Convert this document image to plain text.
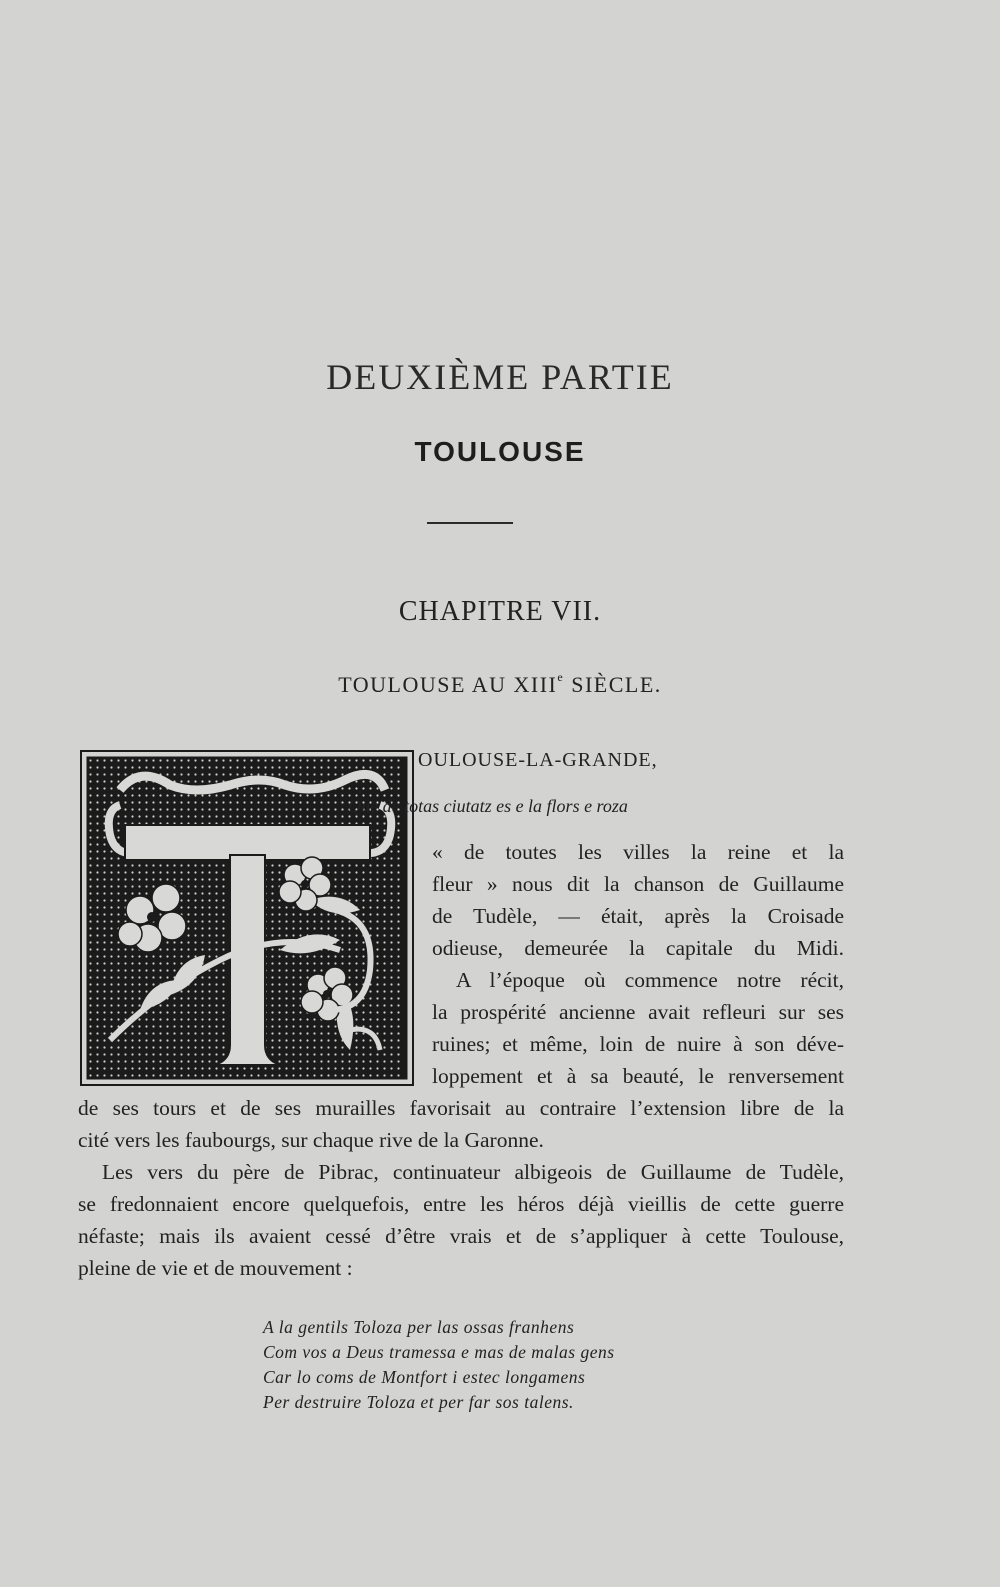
DEUXIÈME PARTIE
TOULOUSE
CHAPITRE VII.
TOULOUSE AU XIIIe SIÈCLE.
OULOUSE-LA-GRANDE,
Que de totas ciutatz es e la flors e roza
« de toutes les villes la reine et la
fleur » nous dit la chanson de Guillaume
de Tudèle, — était, après la Croisade
odieuse, demeurée la capitale du Midi.
A l’époque où commence notre récit,
la prospérité ancienne avait refleuri sur ses
ruines; et même, loin de nuire à son déve-
loppement et à sa beauté, le renversement
de ses tours et de ses murailles favorisait au contraire l’extension libre de la
cité vers les faubourgs, sur chaque rive de la Garonne.
Les vers du père de Pibrac, continuateur albigeois de Guillaume de Tudèle,
se fredonnaient encore quelquefois, entre les héros déjà vieillis de cette guerre
néfaste; mais ils avaient cessé d’être vrais et de s’appliquer à cette Toulouse,
pleine de vie et de mouvement :
A la gentils Toloza per las ossas franhens
Com vos a Deus tramessa e mas de malas gens
Car lo coms de Montfort i estec longamens
Per destruire Toloza et per far sos talens.
